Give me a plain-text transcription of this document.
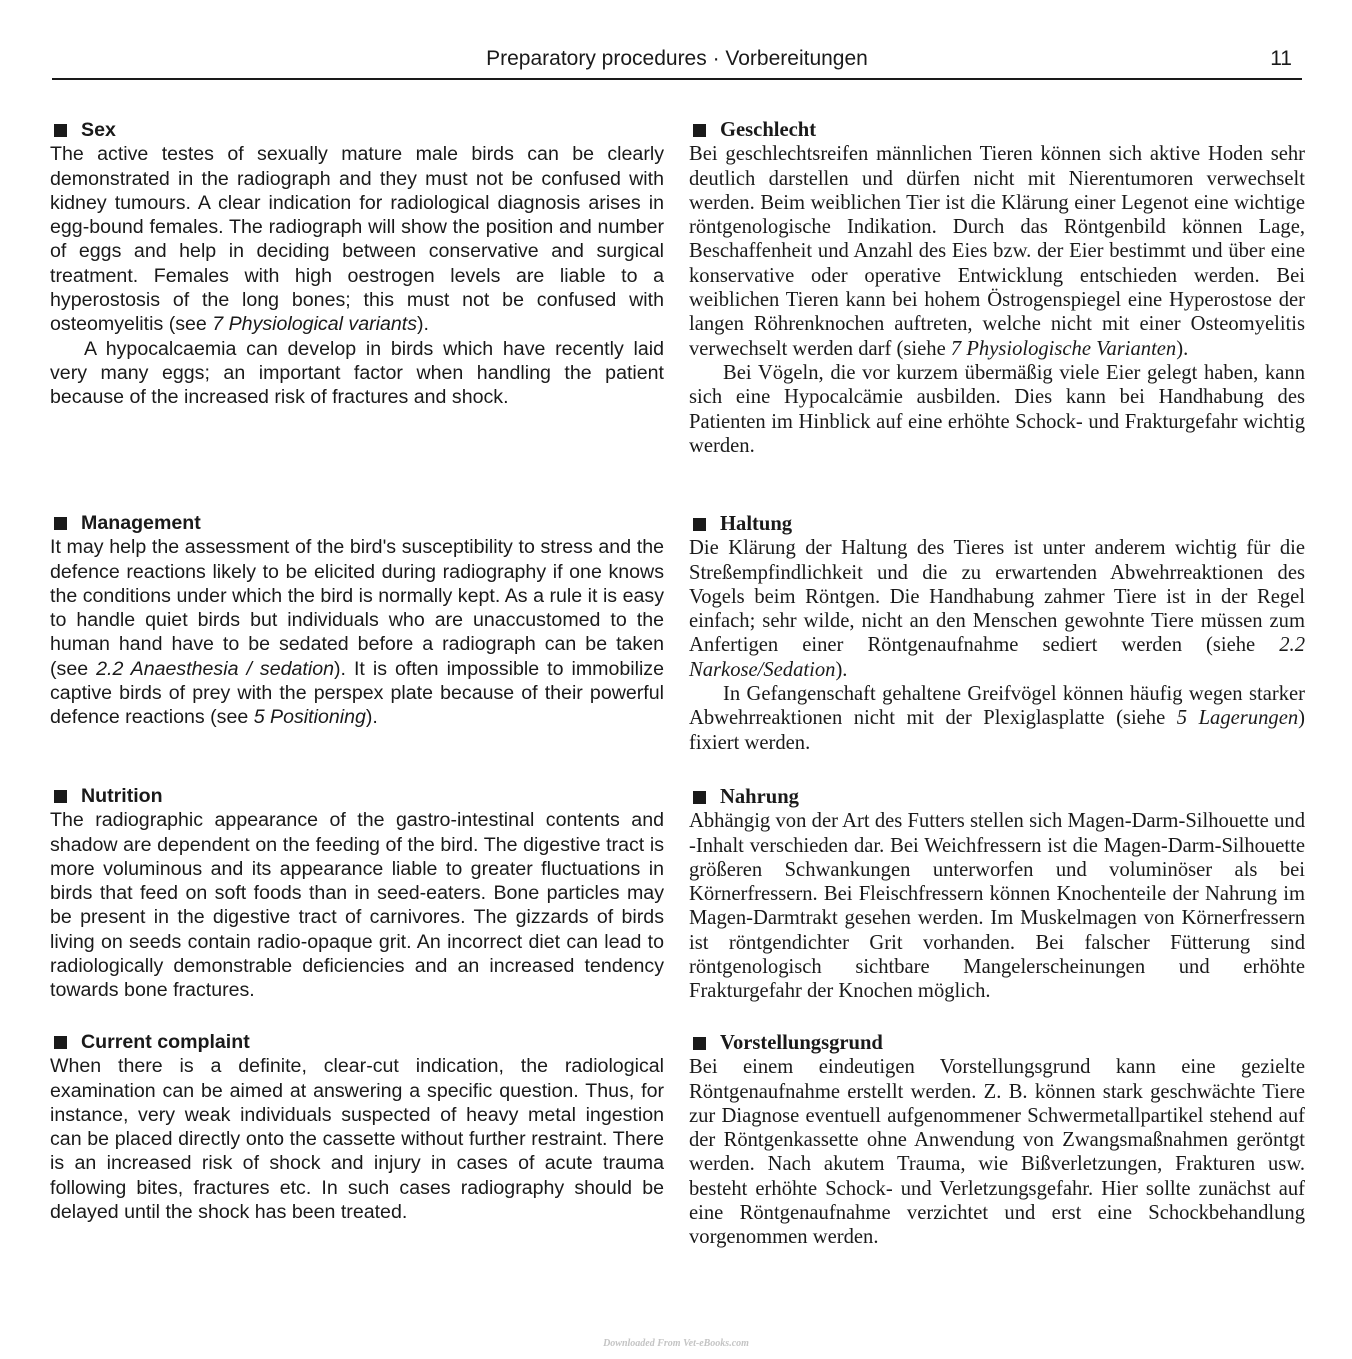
Preparatory procedures · Vorbereitungen	11
Sex

The active testes of sexually mature male birds can be clearly demonstrated in the radiograph and they must not be confused with kidney tumours. A clear indication for radiological diagnosis arises in egg-bound females. The radiograph will show the position and number of eggs and help in deciding between conservative and surgical treatment. Females with high oestrogen levels are liable to a hyperostosis of the long bones; this must not be confused with osteomyelitis (see 7 Physiological variants).

A hypocalcaemia can develop in birds which have recently laid very many eggs; an important factor when handling the patient because of the increased risk of fractures and shock.

Management

It may help the assessment of the bird's susceptibility to stress and the defence reactions likely to be elicited during radiography if one knows the conditions under which the bird is normally kept. As a rule it is easy to handle quiet birds but individuals who are unaccustomed to the human hand have to be sedated before a radiograph can be taken (see 2.2 Anaesthesia / sedation). It is often impossible to immobilize captive birds of prey with the perspex plate because of their powerful defence reactions (see 5 Positioning).

Nutrition

The radiographic appearance of the gastro-intestinal contents and shadow are dependent on the feeding of the bird. The digestive tract is more voluminous and its appearance liable to greater fluctuations in birds that feed on soft foods than in seed-eaters. Bone particles may be present in the digestive tract of carnivores. The gizzards of birds living on seeds contain radio-opaque grit. An incorrect diet can lead to radiologically demonstrable deficiencies and an increased tendency towards bone fractures.

Current complaint

When there is a definite, clear-cut indication, the radiological examination can be aimed at answering a specific question. Thus, for instance, very weak individuals suspected of heavy metal ingestion can be placed directly onto the cassette without further restraint. There is an increased risk of shock and injury in cases of acute trauma following bites, fractures etc. In such cases radiography should be delayed until the shock has been treated.

Geschlecht

Bei geschlechtsreifen männlichen Tieren können sich aktive Hoden sehr deutlich darstellen und dürfen nicht mit Nierentumoren verwechselt werden. Beim weiblichen Tier ist die Klärung einer Legenot eine wichtige röntgenologische Indikation. Durch das Röntgenbild können Lage, Beschaffenheit und Anzahl des Eies bzw. der Eier bestimmt und über eine konservative oder operative Entwicklung entschieden werden. Bei weiblichen Tieren kann bei hohem Östrogenspiegel eine Hyperostose der langen Röhrenknochen auftreten, welche nicht mit einer Osteomyelitis verwechselt werden darf (siehe 7 Physiologische Varianten).

Bei Vögeln, die vor kurzem übermäßig viele Eier gelegt haben, kann sich eine Hypocalcämie ausbilden. Dies kann bei Handhabung des Patienten im Hinblick auf eine erhöhte Schock- und Frakturgefahr wichtig werden.

Haltung

Die Klärung der Haltung des Tieres ist unter anderem wichtig für die Streßempfindlichkeit und die zu erwartenden Abwehrreaktionen des Vogels beim Röntgen. Die Handhabung zahmer Tiere ist in der Regel einfach; sehr wilde, nicht an den Menschen gewohnte Tiere müssen zum Anfertigen einer Röntgenaufnahme sediert werden (siehe 2.2 Narkose/Sedation).

In Gefangenschaft gehaltene Greifvögel können häufig wegen starker Abwehrreaktionen nicht mit der Plexiglasplatte (siehe 5 Lagerungen) fixiert werden.

Nahrung

Abhängig von der Art des Futters stellen sich Magen-Darm-Silhouette und -Inhalt verschieden dar. Bei Weichfressern ist die Magen-Darm-Silhouette größeren Schwankungen unterworfen und voluminöser als bei Körnerfressern. Bei Fleischfressern können Knochenteile der Nahrung im Magen-Darmtrakt gesehen werden. Im Muskelmagen von Körnerfressern ist röntgendichter Grit vorhanden. Bei falscher Fütterung sind röntgenologisch sichtbare Mangelerscheinungen und erhöhte Frakturgefahr der Knochen möglich.

Vorstellungsgrund

Bei einem eindeutigen Vorstellungsgrund kann eine gezielte Röntgenaufnahme erstellt werden. Z. B. können stark geschwächte Tiere zur Diagnose eventuell aufgenommener Schwermetallpartikel stehend auf der Röntgenkassette ohne Anwendung von Zwangsmaßnahmen geröntgt werden. Nach akutem Trauma, wie Bißverletzungen, Frakturen usw. besteht erhöhte Schock- und Verletzungsgefahr. Hier sollte zunächst auf eine Röntgenaufnahme verzichtet und erst eine Schockbehandlung vorgenommen werden.

Downloaded From Vet-eBooks.com
